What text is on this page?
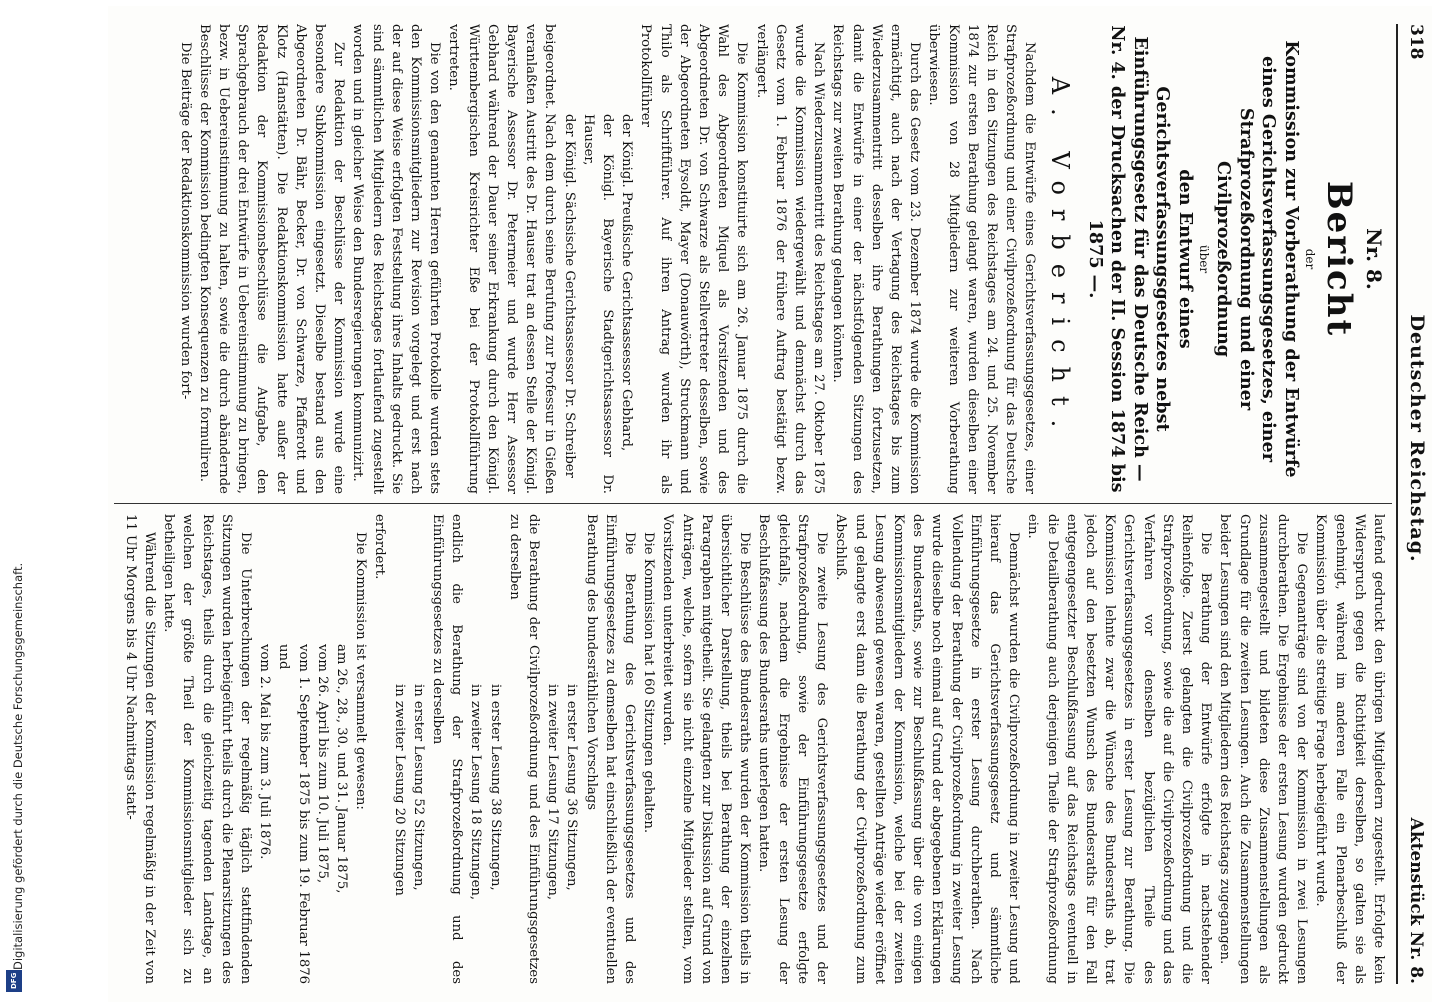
318
Deutscher Reichstag.
Aktenstück Nr. 8.
Nr. 8.
Bericht
der
Kommission zur Vorberathung der Entwürfe eines Gerichtsverfassungsgesetzes, einer Strafprozeßordnung und einer Civilprozeßordnung
über
den Entwurf eines Gerichtsverfassungsgesetzes nebst Einführungsgesetz für das Deutsche Reich — Nr. 4. der Drucksachen der II. Session 1874 bis 1875 —.
A. Vorbericht.

Nachdem die Entwürfe eines Gerichtsverfassungsgesetzes, einer Strafprozeßordnung und einer Civilprozeßordnung für das Deutsche Reich in den Sitzungen des Reichstages am 24. und 25. November 1874 zur ersten Berathung gelangt waren, wurden dieselben einer Kommission von 28 Mitgliedern zur weiteren Vorberathung überwiesen.

Durch das Gesetz vom 23. Dezember 1874 wurde die Kommission ermächtigt, auch nach der Vertagung des Reichstages bis zum Wiederzusammentritt desselben ihre Berathungen fortzusetzen, damit die Entwürfe in einer der nächstfolgenden Sitzungen des Reichstags zur zweiten Berathung gelangen könnten.

Nach Wiederzusammentritt des Reichstages am 27. Oktober 1875 wurde die Kommission wiedergewählt und demnächst durch das Gesetz vom 1. Februar 1876 der frühere Auftrag bestätigt bezw. verlängert.

Die Kommission konstituirte sich am 26. Januar 1875 durch die Wahl des Abgeordneten Miquel als Vorsitzenden und des Abgeordneten Dr. von Schwarze als Stellvertreter desselben, sowie der Abgeordneten Eysoldt, Mayer (Donauwörth), Struckmann und Thilo als Schriftführer. Auf ihren Antrag wurden ihr als Protokollführer

der Königl. Preußische Gerichtsassessor Gebhard,

der Königl. Bayerische Stadtgerichtsassessor Dr. Hauser,

der Königl. Sächsische Gerichtsassessor Dr. Schreiber

beigeordnet. Nach dem durch seine Berufung zur Professur in Gießen veranlaßten Austritt des Dr. Hauser trat an dessen Stelle der Königl. Bayerische Assessor Dr. Petermeier und wurde Herr Assessor Gebhard während der Dauer seiner Erkrankung durch den Königl. Württembergischen Kreisrichter Eße bei der Protokollführung vertreten.

Die von den genannten Herren geführten Protokolle wurden stets den Kommissionsmitgliedern zur Revision vorgelegt und erst nach der auf diese Weise erfolgten Feststellung ihres Inhalts gedruckt. Sie sind sämmtlichen Mitgliedern des Reichstages fortlaufend zugestellt worden und in gleicher Weise den Bundesregierungen kommunizirt.

Zur Redaktion der Beschlüsse der Kommission wurde eine besondere Subkommission eingesetzt. Dieselbe bestand aus den Abgeordneten Dr. Bähr, Becker, Dr. von Schwarze, Pfafferott und Klotz (Hanstätten). Die Redaktionskommission hatte außer der Redaktion der Kommissionsbeschlüsse die Aufgabe, den Sprachgebrauch der drei Entwürfe in Uebereinstimmung zu bringen, bezw. in Uebereinstimmung zu halten, sowie die durch abändernde Beschlüsse der Kommission bedingten Konsequenzen zu formuliren.

Die Beiträge der Redaktionskommission wurden fort-

laufend gedruckt den übrigen Mitgliedern zugestellt. Erfolgte kein Widerspruch gegen die Richtigkeit derselben, so galten sie als genehmigt, während im anderen Falle ein Plenarbeschluß der Kommission über die streitige Frage herbeigeführt wurde.

Die Gegenanträge sind von der Kommission in zwei Lesungen durchberathen. Die Ergebnisse der ersten Lesung wurden gedruckt zusammengestellt und bildeten diese Zusammenstellungen als Grundlage für die zweiten Lesungen. Auch die Zusammenstellungen beider Lesungen sind den Mitgliedern des Reichstags zugegangen.

Die Berathung der Entwürfe erfolgte in nachstehender Reihenfolge. Zuerst gelangten die Civilprozeßordnung und die Strafprozeßordnung, sowie die auf die Civilprozeßordnung und das Verfahren vor denselben bezüglichen Theile des Gerichtsverfassungsgesetzes in erster Lesung zur Berathung. Die Kommission lehnte zwar die Wünsche des Bundesraths ab, trat jedoch auf den besetzten Wunsch des Bundesraths für den Fall entgegengesetzter Beschlußfassung auf das Reichstags eventuell in die Detailberathung auch derjenigen Theile der Strafprozeßordnung ein.

Demnächst wurden die Civilprozeßordnung in zweiter Lesung und hierauf das Gerichtsverfassungsgesetz und sämmtliche Einführungsgesetze in erster Lesung durchberathen. Nach Vollendung der Berathung der Civilprozeßordnung in zweiter Lesung wurde dieselbe noch einmal auf Grund der abgegebenen Erklärungen des Bundesraths, sowie zur Beschlußfassung über die von einigen Kommissionsmitgliedern der Kommission, welche bei der zweiten Lesung abwesend gewesen waren, gestellten Anträge wieder eröffnet und gelangte erst dann die Berathung der Civilprozeßordnung zum Abschluß.

Die zweite Lesung des Gerichtsverfassungsgesetzes und der Strafprozeßordnung, sowie der Einführungsgesetze erfolgte gleichfalls, nachdem die Ergebnisse der ersten Lesung der Beschlußfassung des Bundesraths unterlegen hatten.

Die Beschlüsse des Bundesraths wurden der Kommission theils in übersichtlicher Darstellung, theils bei Berathung der einzelnen Paragraphen mitgetheilt. Sie gelangten zur Diskussion auf Grund von Anträgen, welche, sofern sie nicht einzelne Mitglieder stellten, vom Vorsitzenden unterbreitet wurden.

Die Kommission hat 160 Sitzungen gehalten.

Die Berathung des Gerichtsverfassungsgesetzes und des Einführungsgesetzes zu demselben hat einschließlich der eventuellen Berathung des bundesräthlichen Vorschlags

in erster Lesung 36 Sitzungen,

in zweiter Lesung 17 Sitzungen,

die Berathung der Civilprozeßordnung und des Einführungsgesetzes zu derselben

in erster Lesung 38 Sitzungen,

in zweiter Lesung 18 Sitzungen,

endlich die Berathung der Strafprozeßordnung und des Einführungsgesetzes zu derselben

in erster Lesung 52 Sitzungen,

in zweiter Lesung 20 Sitzungen

erfordert.

Die Kommission ist versammelt gewesen:

am 26., 28., 30. und 31. Januar 1875,

vom 26. April bis zum 10. Juli 1875,

vom 1. September 1875 bis zum 19. Februar 1876 und

vom 2. Mai bis zum 3. Juli 1876.

Die Unterbrechungen der regelmäßig täglich stattfindenden Sitzungen wurden herbeigeführt theils durch die Plenarsitzungen des Reichstages, theils durch die gleichzeitig tagenden Landtage, an welchen der größte Theil der Kommissionsmitglieder sich zu betheiligen hatte.

Während die Sitzungen der Kommission regelmäßig in der Zeit von 11 Uhr Morgens bis 4 Uhr Nachmittags statt-

Digitalisierung gefördert durch die Deutsche Forschungsgemeinschaft.
DFG
